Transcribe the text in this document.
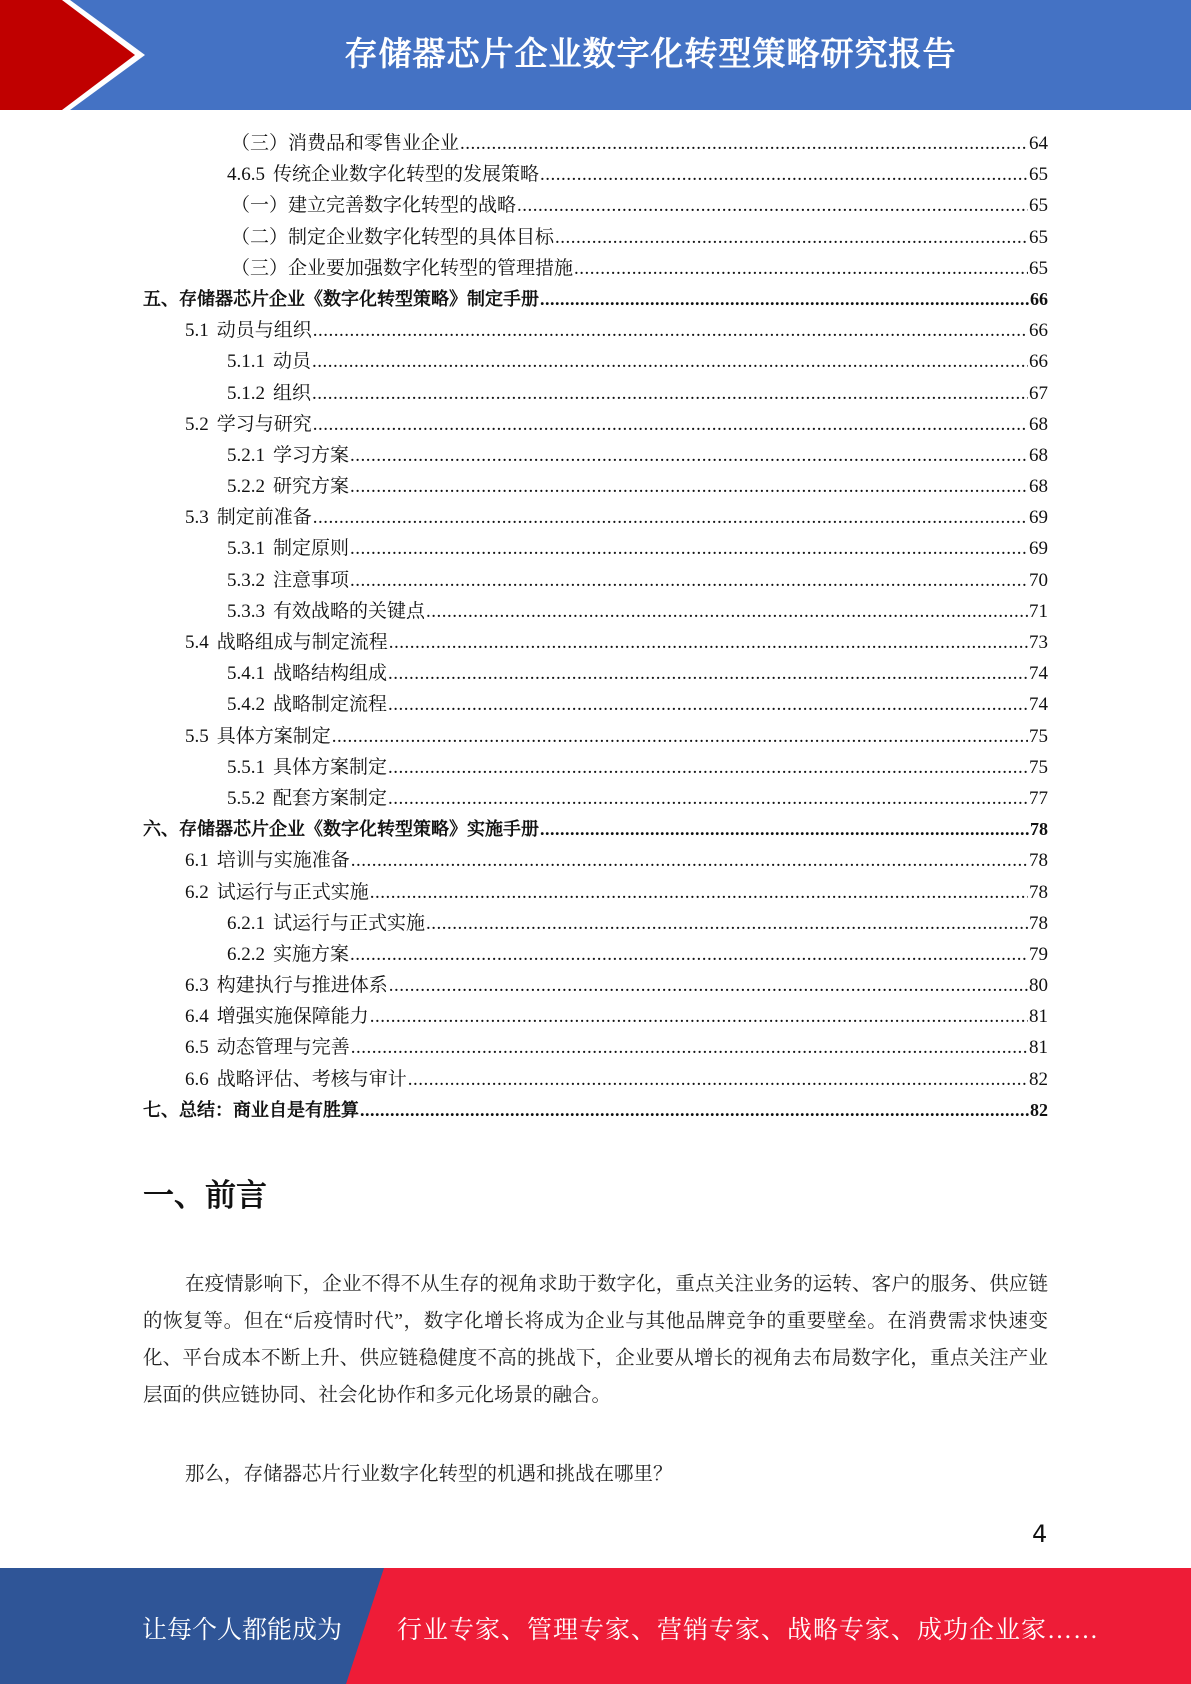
存储器芯片企业数字化转型策略研究报告
（三）消费品和零售业企业 .....	64
4.6.5 传统企业数字化转型的发展策略 .....	65
（一）建立完善数字化转型的战略 .....	65
（二）制定企业数字化转型的具体目标 .....	65
（三）企业要加强数字化转型的管理措施 .....	65
五、存储器芯片企业《数字化转型策略》制定手册 .....	66
5.1 动员与组织 .....	66
5.1.1 动员 .....	66
5.1.2 组织 .....	67
5.2 学习与研究 .....	68
5.2.1 学习方案 .....	68
5.2.2 研究方案 .....	68
5.3 制定前准备 .....	69
5.3.1 制定原则 .....	69
5.3.2 注意事项 .....	70
5.3.3 有效战略的关键点 .....	71
5.4 战略组成与制定流程 .....	73
5.4.1 战略结构组成 .....	74
5.4.2 战略制定流程 .....	74
5.5 具体方案制定 .....	75
5.5.1 具体方案制定 .....	75
5.5.2 配套方案制定 .....	77
六、存储器芯片企业《数字化转型策略》实施手册 .....	78
6.1 培训与实施准备 .....	78
6.2 试运行与正式实施 .....	78
6.2.1 试运行与正式实施 .....	78
6.2.2 实施方案 .....	79
6.3 构建执行与推进体系 .....	80
6.4 增强实施保障能力 .....	81
6.5 动态管理与完善 .....	81
6.6 战略评估、考核与审计 .....	82
七、总结：商业自是有胜算 .....	82
一、前言
在疫情影响下，企业不得不从生存的视角求助于数字化，重点关注业务的运转、客户的服务、供应链的恢复等。但在“后疫情时代”，数字化增长将成为企业与其他品牌竞争的重要壁垒。在消费需求快速变化、平台成本不断上升、供应链稳健度不高的挑战下，企业要从增长的视角去布局数字化，重点关注产业层面的供应链协同、社会化协作和多元化场景的融合。
那么，存储器芯片行业数字化转型的机遇和挑战在哪里？
4
让每个人都能成为 行业专家、管理专家、营销专家、战略专家、成功企业家……
